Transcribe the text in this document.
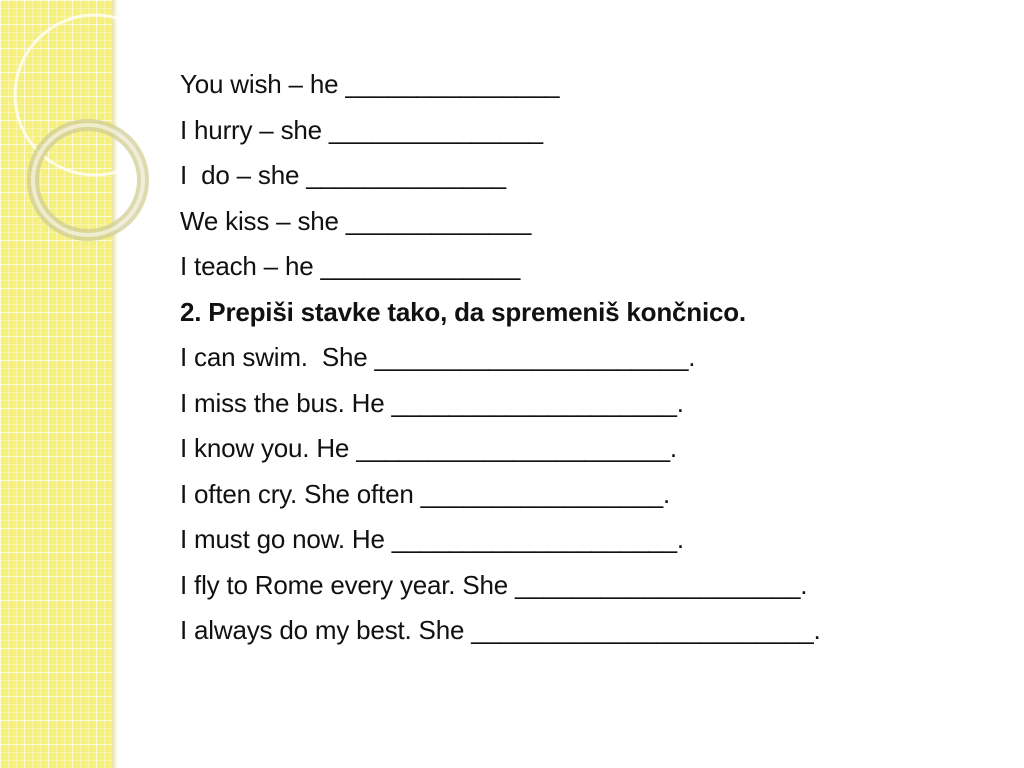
You wish – he _______________
I hurry – she _______________
I  do – she ______________
We kiss – she _____________
I teach – he ______________
2. Prepiši stavke tako, da spremeniš končnico.
I can swim.  She ______________________.
I miss the bus. He ____________________.
I know you. He ______________________.
I often cry. She often _________________.
I must go now. He ____________________.
I fly to Rome every year. She ____________________.
I always do my best. She ________________________.
